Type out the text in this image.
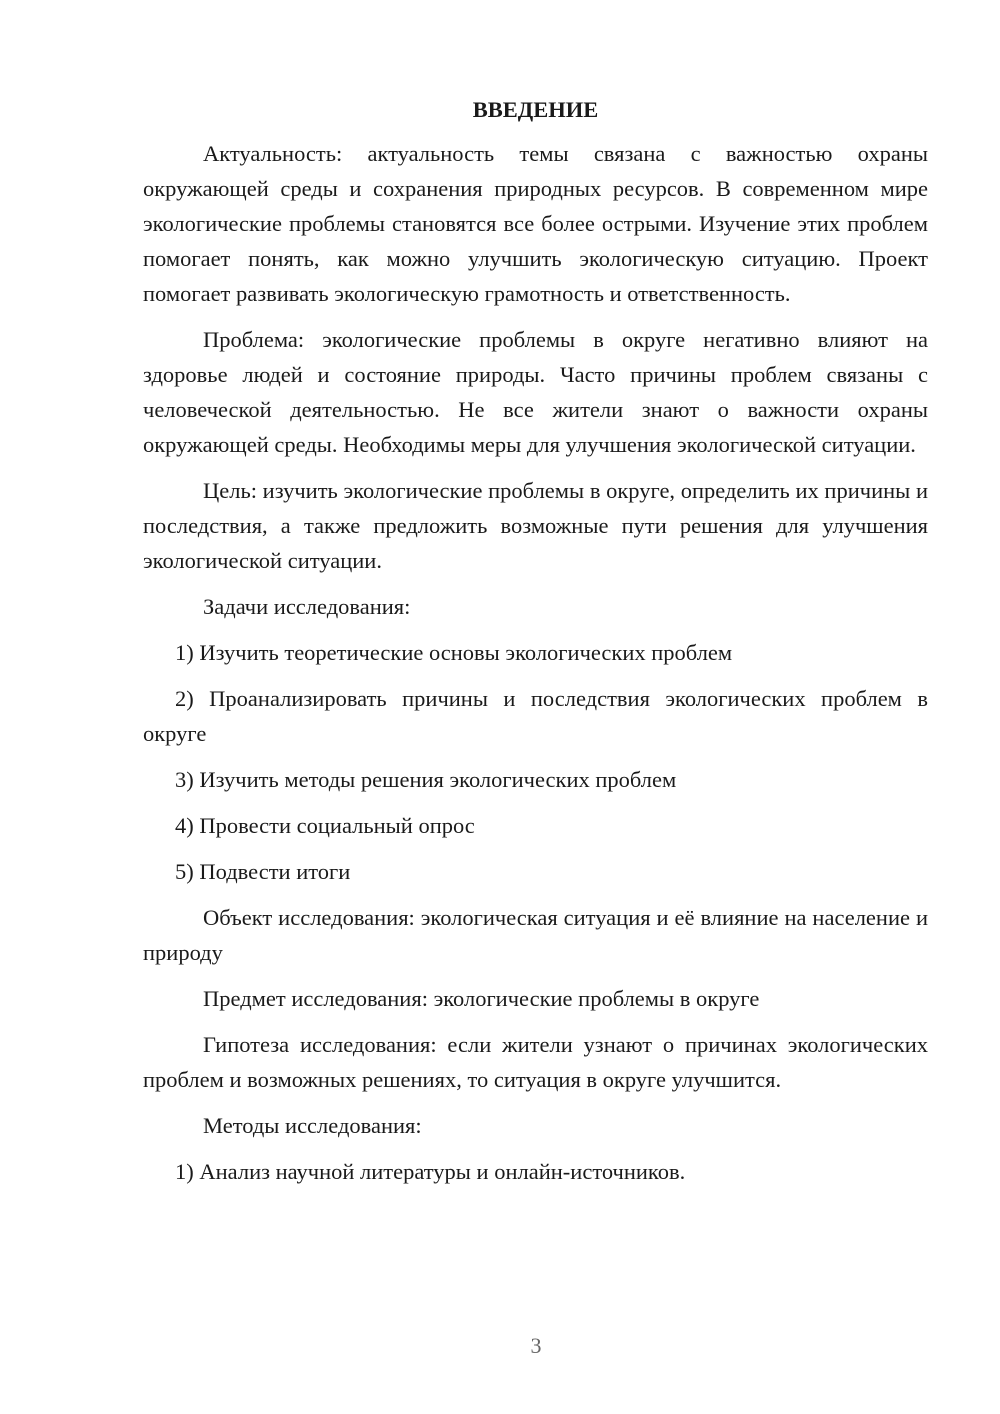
ВВЕДЕНИЕ

Актуальность: актуальность темы связана с важностью охраны окружающей среды и сохранения природных ресурсов. В современном мире экологические проблемы становятся все более острыми. Изучение этих проблем помогает понять, как можно улучшить экологическую ситуацию. Проект помогает развивать экологическую грамотность и ответственность.

Проблема: экологические проблемы в округе негативно влияют на здоровье людей и состояние природы. Часто причины проблем связаны с человеческой деятельностью. Не все жители знают о важности охраны окружающей среды. Необходимы меры для улучшения экологической ситуации.

Цель: изучить экологические проблемы в округе, определить их причины и последствия, а также предложить возможные пути решения для улучшения экологической ситуации.

Задачи исследования:

1) Изучить теоретические основы экологических проблем

2) Проанализировать причины и последствия экологических проблем в округе

3) Изучить методы решения экологических проблем

4) Провести социальный опрос

5) Подвести итоги

Объект исследования: экологическая ситуация и её влияние на население и природу

Предмет исследования: экологические проблемы в округе

Гипотеза исследования: если жители узнают о причинах экологических проблем и возможных решениях, то ситуация в округе улучшится.

Методы исследования:

1) Анализ научной литературы и онлайн-источников.

3
